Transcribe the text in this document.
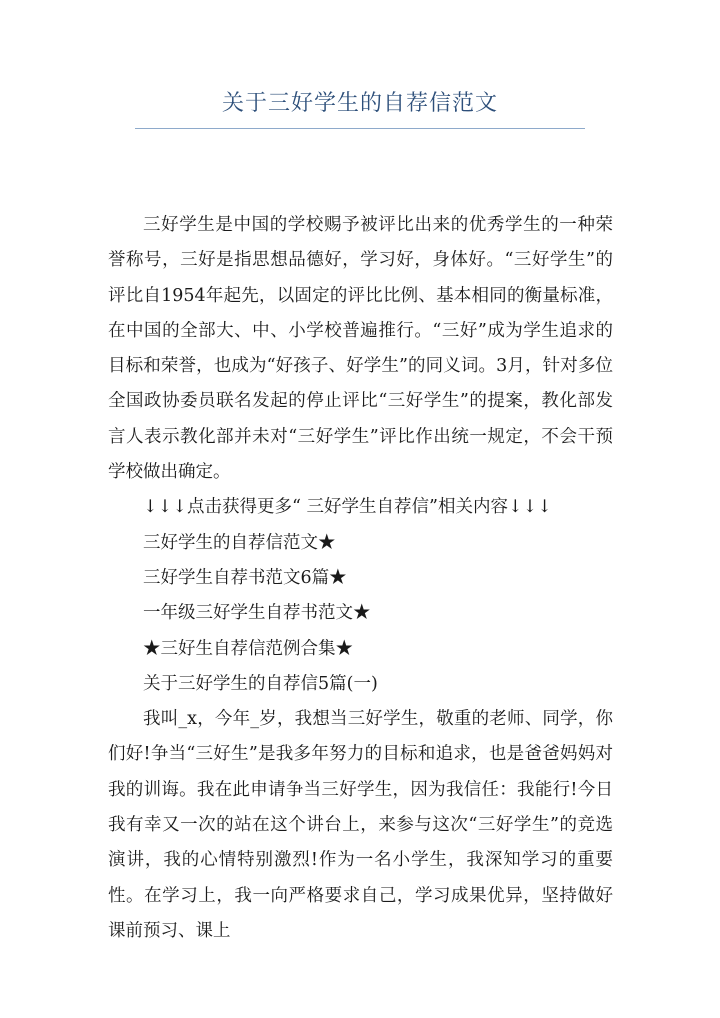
关于三好学生的自荐信范文

三好学生是中国的学校赐予被评比出来的优秀学生的一种荣誉称号，三好是指思想品德好，学习好，身体好。“三好学生”的评比自1954年起先，以固定的评比比例、基本相同的衡量标准，在中国的全部大、中、小学校普遍推行。“三好”成为学生追求的目标和荣誉，也成为“好孩子、好学生”的同义词。3月，针对多位全国政协委员联名发起的停止评比“三好学生”的提案，教化部发言人表示教化部并未对“三好学生”评比作出统一规定，不会干预学校做出确定。

↓↓↓点击获得更多“ 三好学生自荐信”相关内容↓↓↓

三好学生的自荐信范文★
三好学生自荐书范文6篇★
一年级三好学生自荐书范文★
★三好生自荐信范例合集★

关于三好学生的自荐信5篇(一)

我叫_x，今年_岁，我想当三好学生，敬重的老师、同学，你们好!争当“三好生”是我多年努力的目标和追求，也是爸爸妈妈对我的训诲。我在此申请争当三好学生，因为我信任：我能行!今日我有幸又一次的站在这个讲台上，来参与这次“三好学生”的竞选演讲，我的心情特别激烈!作为一名小学生，我深知学习的重要性。在学习上，我一向严格要求自己，学习成果优异，坚持做好课前预习、课上
